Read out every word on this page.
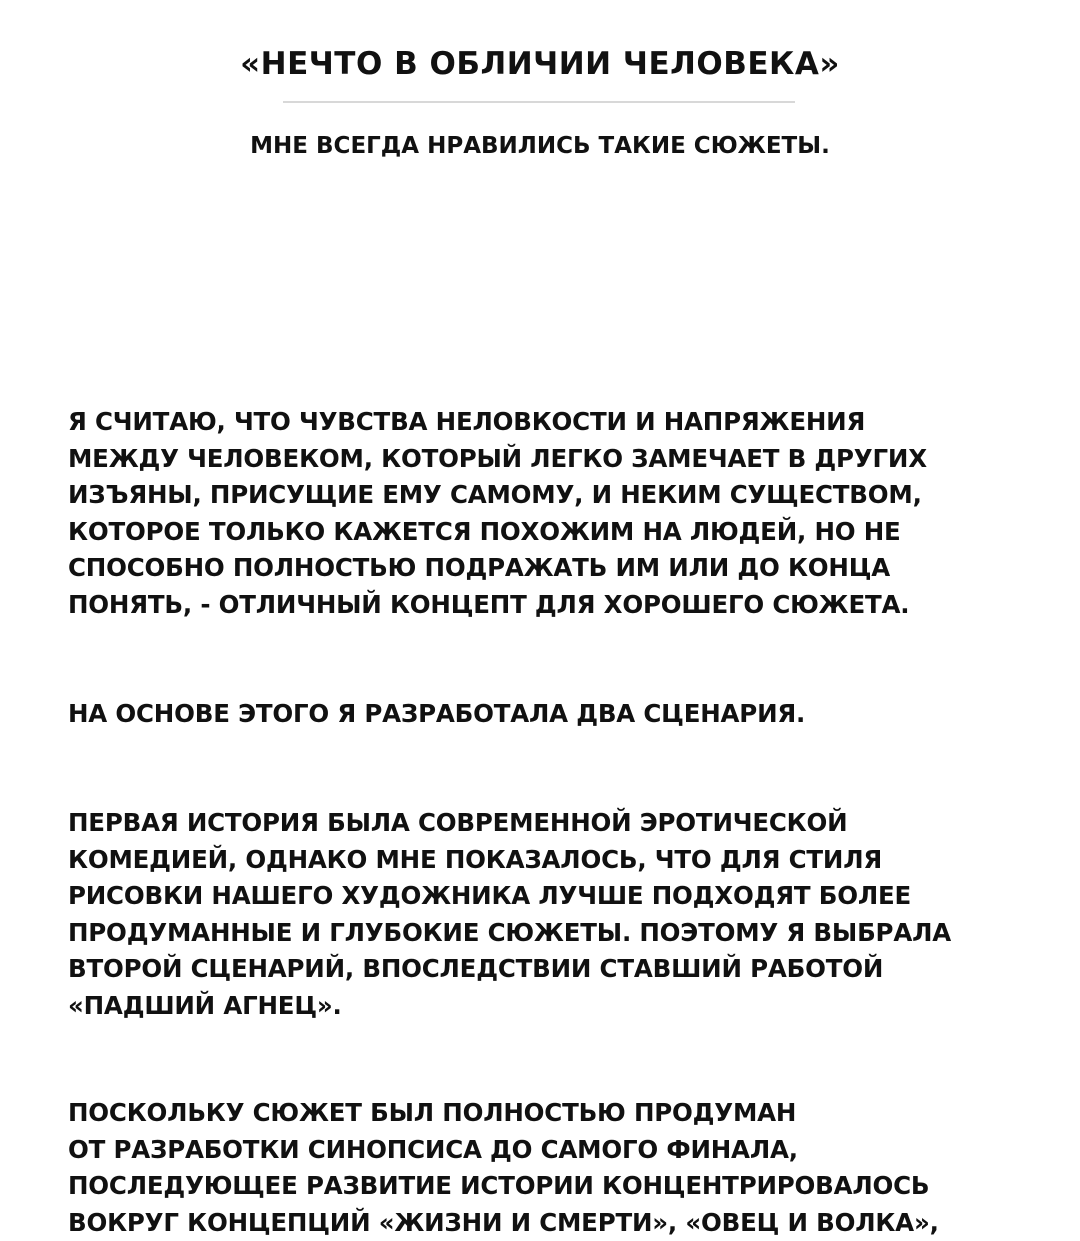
«НЕЧТО В ОБЛИЧИИ ЧЕЛОВЕКА»
МНЕ ВСЕГДА НРАВИЛИСЬ ТАКИЕ СЮЖЕТЫ.

Я СЧИТАЮ, ЧТО ЧУВСТВА НЕЛОВКОСТИ И НАПРЯЖЕНИЯ
МЕЖДУ ЧЕЛОВЕКОМ, КОТОРЫЙ ЛЕГКО ЗАМЕЧАЕТ В ДРУГИХ
ИЗЪЯНЫ, ПРИСУЩИЕ ЕМУ САМОМУ, И НЕКИМ СУЩЕСТВОМ,
КОТОРОЕ ТОЛЬКО КАЖЕТСЯ ПОХОЖИМ НА ЛЮДЕЙ, НО НЕ
СПОСОБНО ПОЛНОСТЬЮ ПОДРАЖАТЬ ИМ ИЛИ ДО КОНЦА
ПОНЯТЬ, - ОТЛИЧНЫЙ КОНЦЕПТ ДЛЯ ХОРОШЕГО СЮЖЕТА.

НА ОСНОВЕ ЭТОГО Я РАЗРАБОТАЛА ДВА СЦЕНАРИЯ.

ПЕРВАЯ ИСТОРИЯ БЫЛА СОВРЕМЕННОЙ ЭРОТИЧЕСКОЙ
КОМЕДИЕЙ, ОДНАКО МНЕ ПОКАЗАЛОСЬ, ЧТО ДЛЯ СТИЛЯ
РИСОВКИ НАШЕГО ХУДОЖНИКА ЛУЧШЕ ПОДХОДЯТ БОЛЕЕ
ПРОДУМАННЫЕ И ГЛУБОКИЕ СЮЖЕТЫ. ПОЭТОМУ Я ВЫБРАЛА
ВТОРОЙ СЦЕНАРИЙ, ВПОСЛЕДСТВИИ СТАВШИЙ РАБОТОЙ
«ПАДШИЙ АГНЕЦ».

ПОСКОЛЬКУ СЮЖЕТ БЫЛ ПОЛНОСТЬЮ ПРОДУМАН
ОТ РАЗРАБОТКИ СИНОПСИСА ДО САМОГО ФИНАЛА,
ПОСЛЕДУЮЩЕЕ РАЗВИТИЕ ИСТОРИИ КОНЦЕНТРИРОВАЛОСЬ
ВОКРУГ КОНЦЕПЦИЙ «ЖИЗНИ И СМЕРТИ», «ОВЕЦ И ВОЛКА»,
